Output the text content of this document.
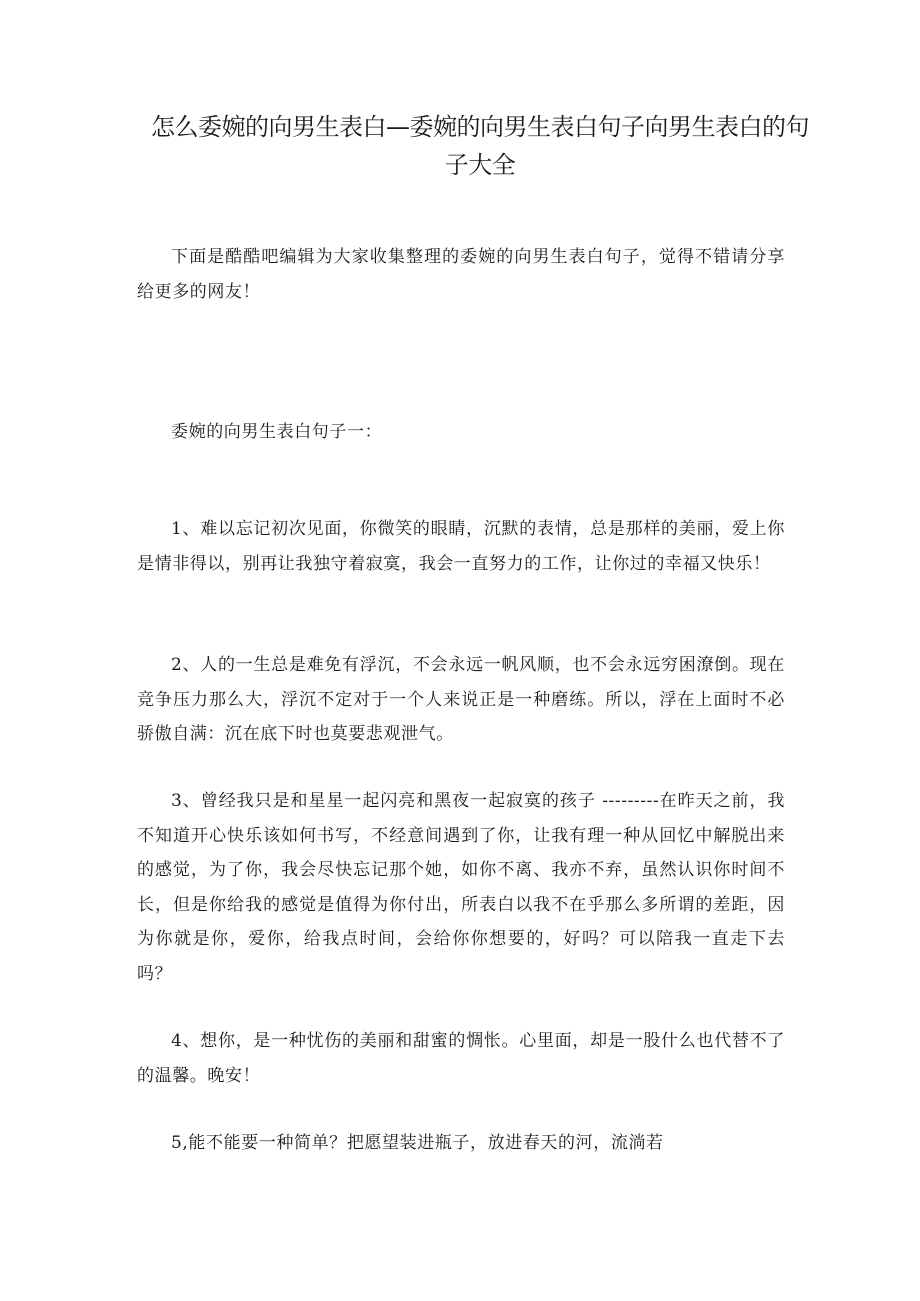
怎么委婉的向男生表白—委婉的向男生表白句子向男生表白的句子大全

下面是酷酷吧编辑为大家收集整理的委婉的向男生表白句子，觉得不错请分享给更多的网友！

委婉的向男生表白句子一：

1、难以忘记初次见面，你微笑的眼睛，沉默的表情，总是那样的美丽，爱上你是情非得以，别再让我独守着寂寞，我会一直努力的工作，让你过的幸福又快乐！

2、人的一生总是难免有浮沉，不会永远一帆风顺，也不会永远穷困潦倒。现在竞争压力那么大，浮沉不定对于一个人来说正是一种磨练。所以，浮在上面时不必骄傲自满：沉在底下时也莫要悲观泄气。

3、曾经我只是和星星一起闪亮和黑夜一起寂寞的孩子 ---------在昨天之前，我不知道开心快乐该如何书写，不经意间遇到了你，让我有理一种从回忆中解脱出来的感觉，为了你，我会尽快忘记那个她，如你不离、我亦不弃，虽然认识你时间不长，但是你给我的感觉是值得为你付出，所表白以我不在乎那么多所谓的差距，因为你就是你，爱你，给我点时间，会给你你想要的，好吗？可以陪我一直走下去吗？

4、想你，是一种忧伤的美丽和甜蜜的惆怅。心里面，却是一股什么也代替不了的温馨。晚安！

5,能不能要一种简单？把愿望装进瓶子，放进春天的河，流淌若
